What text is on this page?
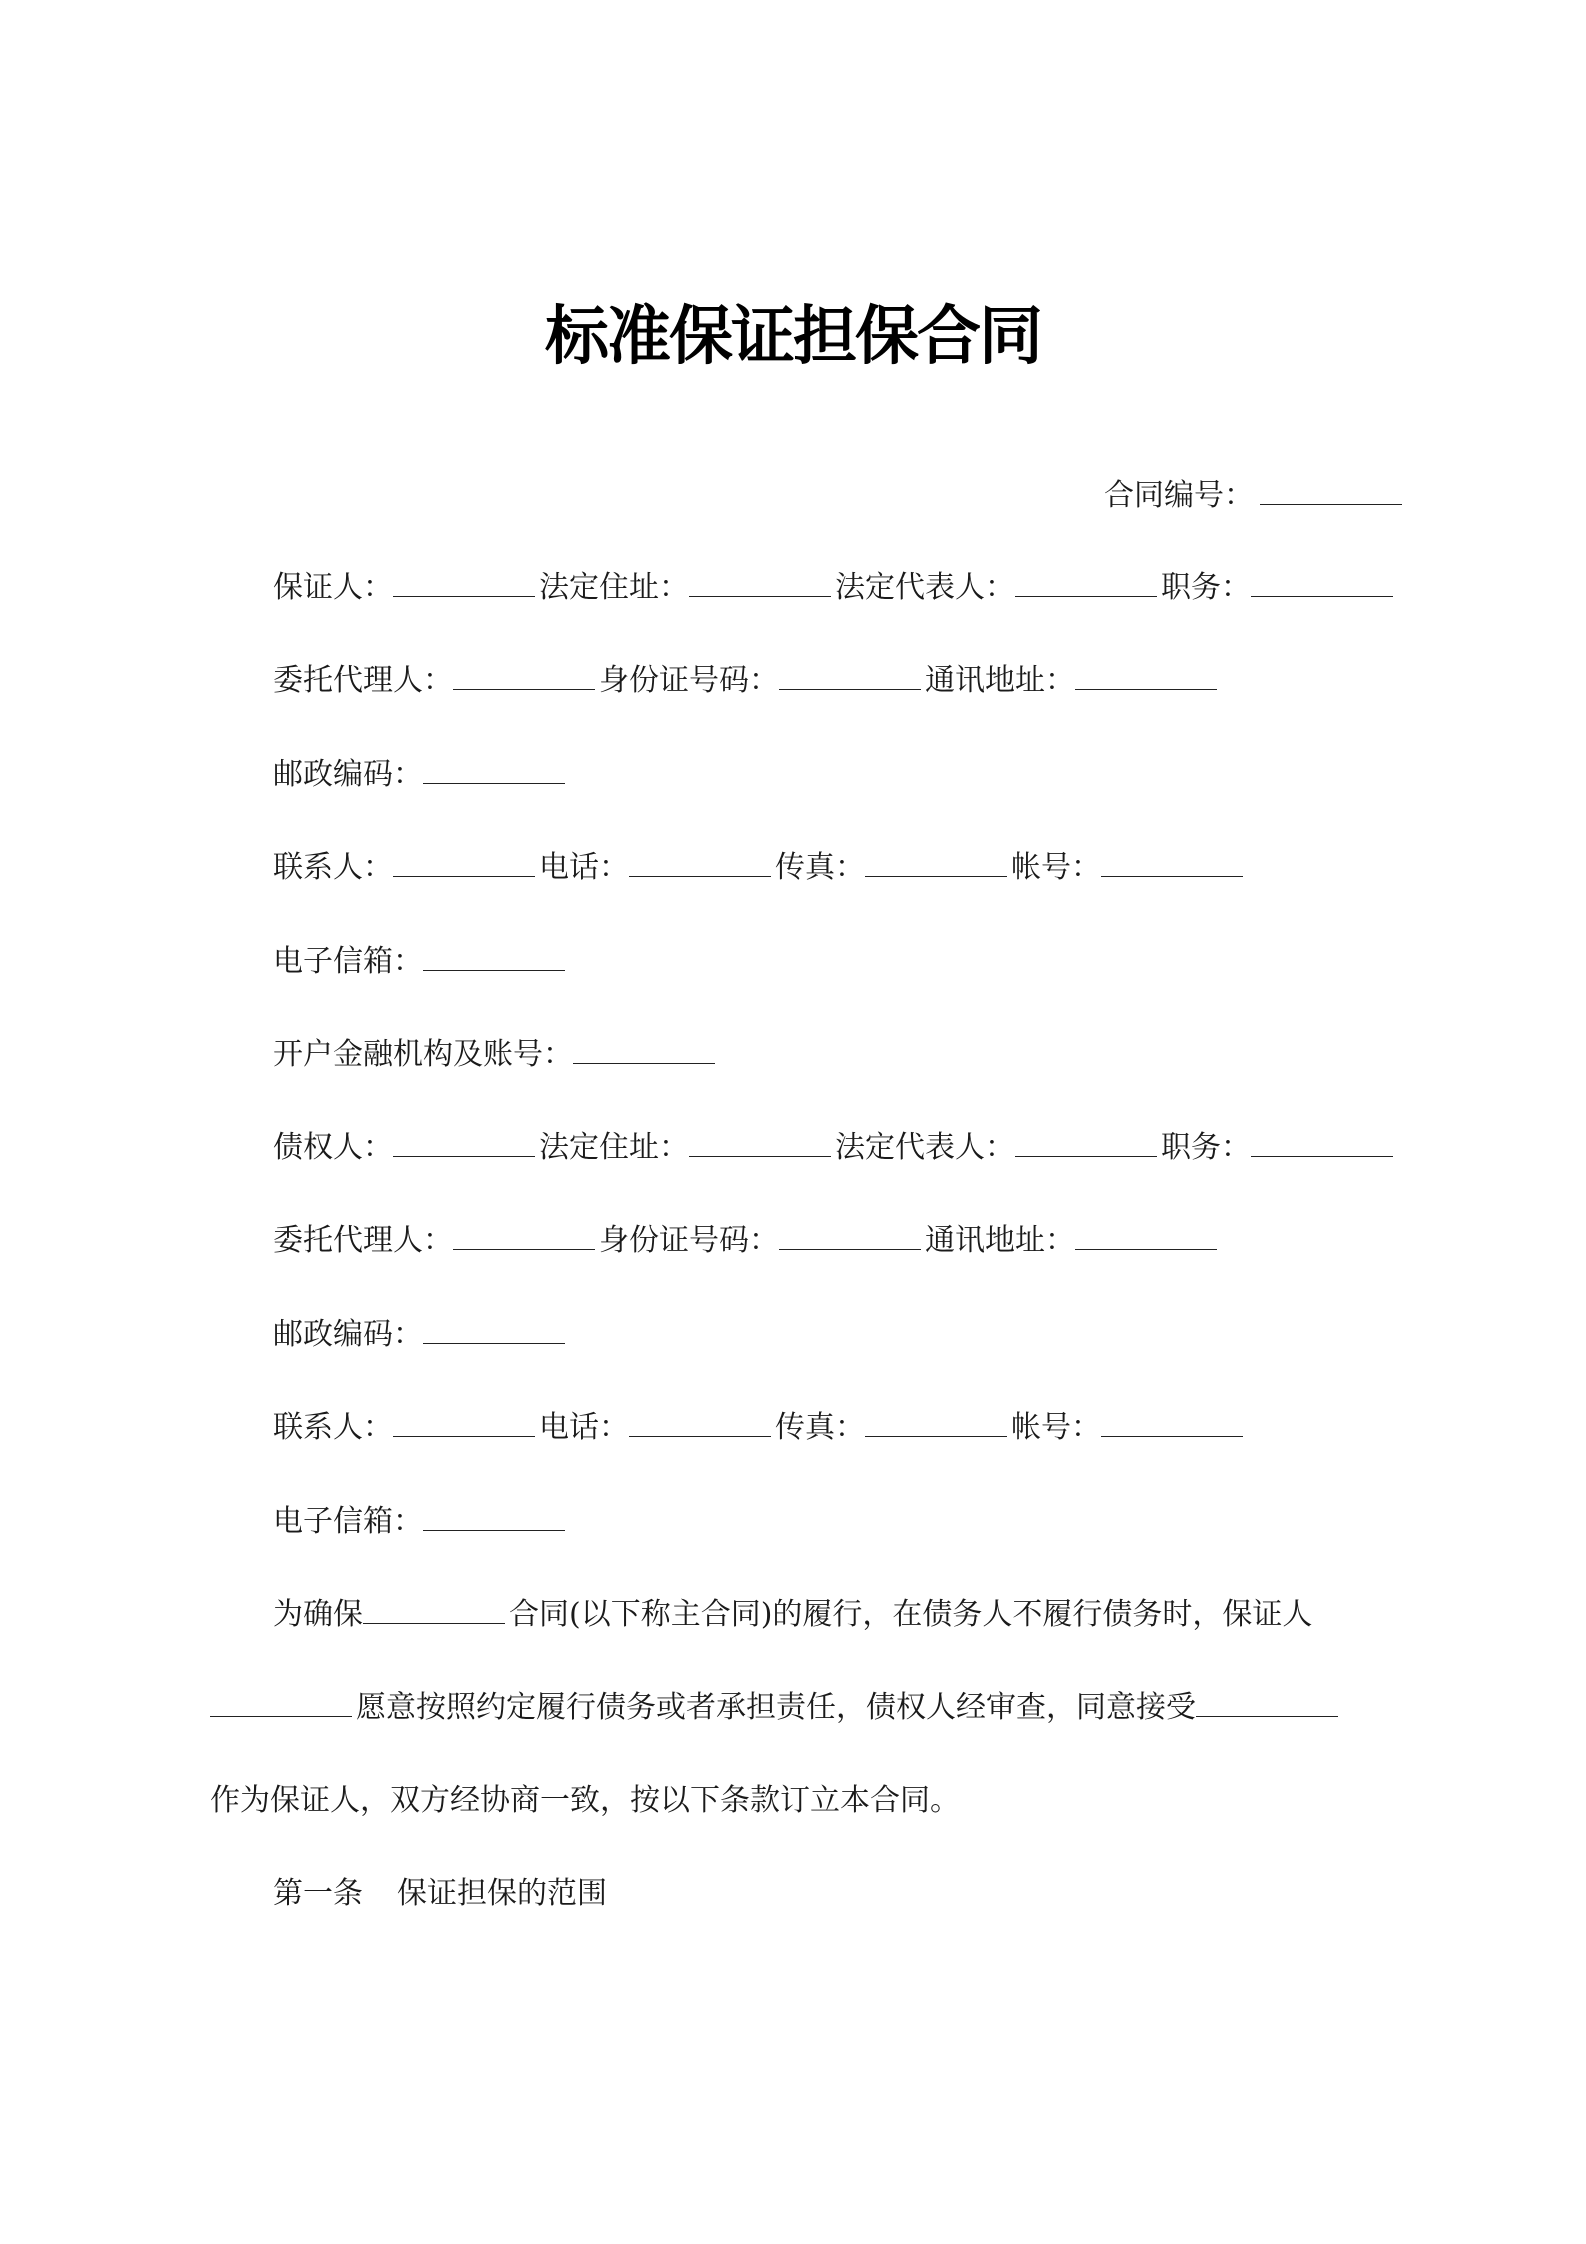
标准保证担保合同
合同编号：
保证人：	法定住址：	法定代表人：	职务：
委托代理人：	身份证号码：	通讯地址：
邮政编码：
联系人：	电话：	传真：	帐号：
电子信箱：
开户金融机构及账号：
债权人：	法定住址：	法定代表人：	职务：
委托代理人：	身份证号码：	通讯地址：
邮政编码：
联系人：	电话：	传真：	帐号：
电子信箱：
为确保	合同(以下称主合同)的履行，在债务人不履行债务时，保证人
愿意按照约定履行债务或者承担责任，债权人经审查，同意接受
作为保证人，双方经协商一致，按以下条款订立本合同。
第一条 保证担保的范围
